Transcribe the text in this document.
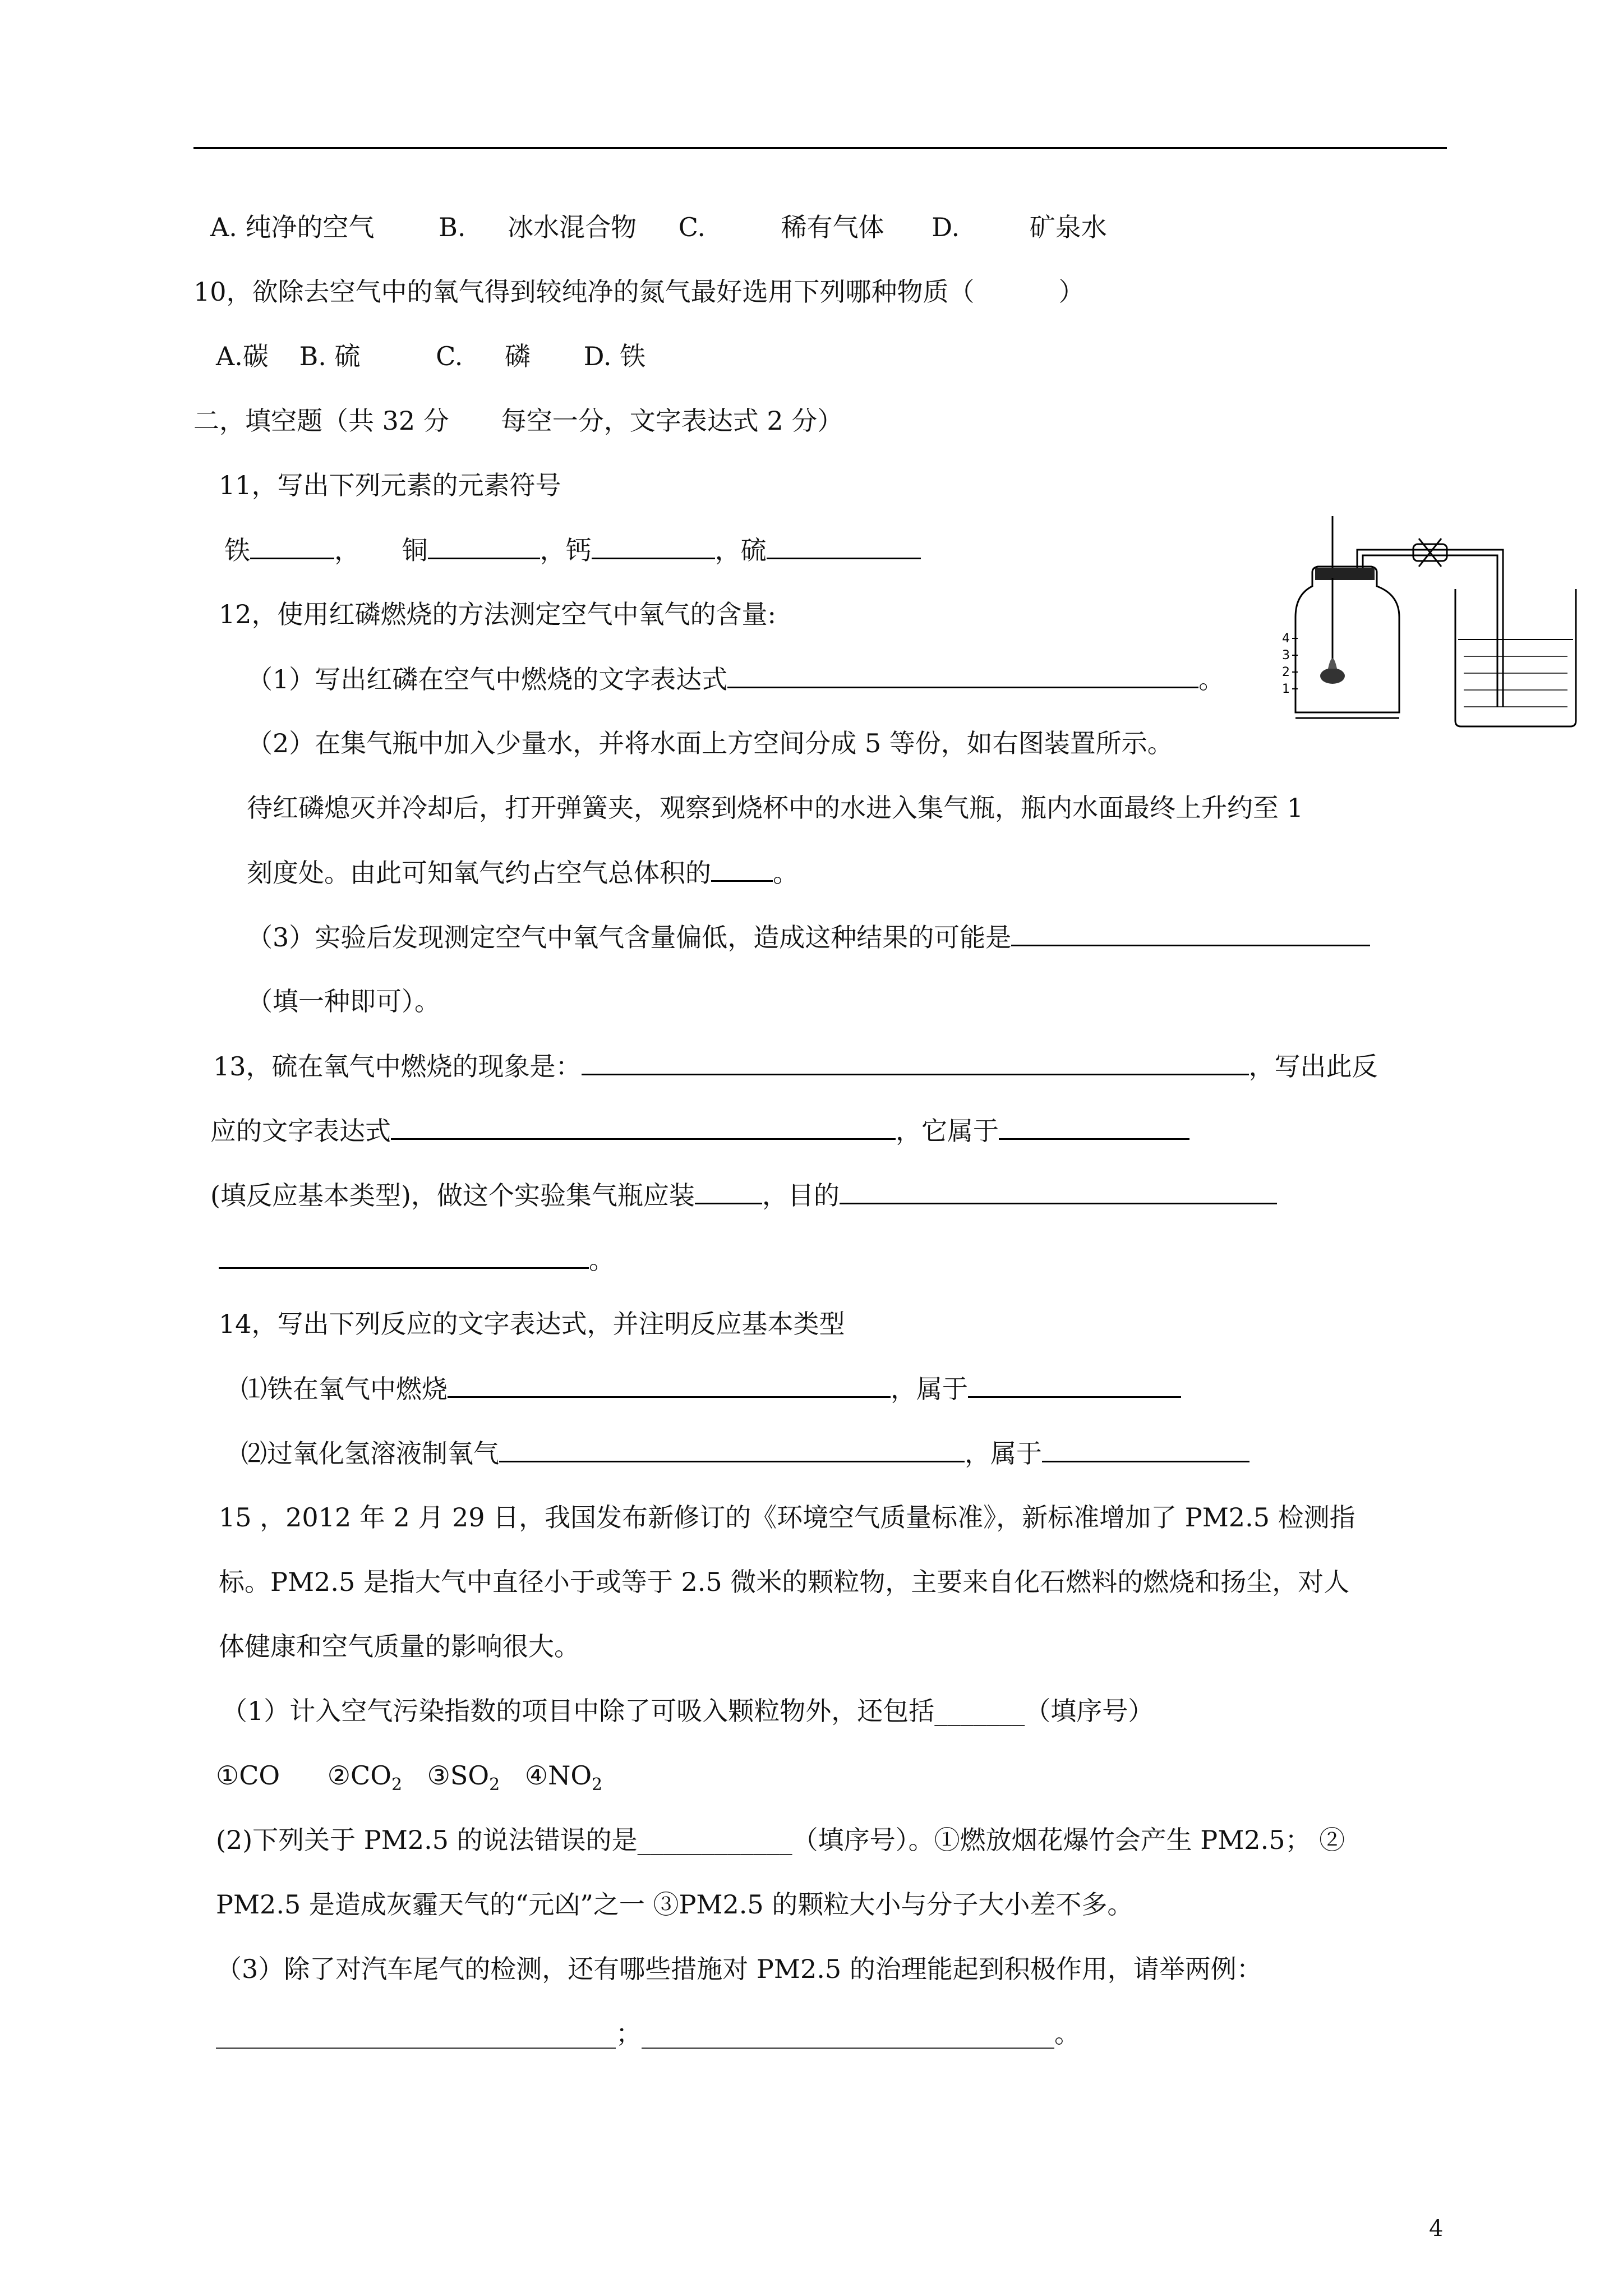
A. 纯净的空气 B. 冰水混合物 C.	稀有气体 D.	矿泉水
10，欲除去空气中的氧气得到较纯净的氮气最好选用下列哪种物质（	）
A.碳 B. 硫	C. 磷 D. 铁
二，填空题（共 32 分　　每空一分，文字表达式 2 分）
11，写出下列元素的元素符号
铁	， 铜	，钙	，硫
4
3
2
1
12，使用红磷燃烧的方法测定空气中氧气的含量:
（1）写出红磷在空气中燃烧的文字表达式	。
（2）在集气瓶中加入少量水，并将水面上方空间分成 5 等份，如右图装置所示。
待红磷熄灭并冷却后，打开弹簧夹，观察到烧杯中的水进入集气瓶，瓶内水面最终上升约至 1
刻度处。由此可知氧气约占空气总体积的 。
（3）实验后发现测定空气中氧气含量偏低，造成这种结果的可能是
（填一种即可）。
13，硫在氧气中燃烧的现象是：	，写出此反
应的文字表达式	，它属于
(填反应基本类型)，做这个实验集气瓶应装	，目的
。
14，写出下列反应的文字表达式，并注明反应基本类型
⑴铁在氧气中燃烧	，属于
⑵过氧化氢溶液制氧气	，属于
15 ，2012 年 2 月 29 日，我国发布新修订的《环境空气质量标准》，新标准增加了 PM2.5 检测指
标。PM2.5 是指大气中直径小于或等于 2.5 微米的颗粒物，主要来自化石燃料的燃烧和扬尘，对人
体健康和空气质量的影响很大。
（1）计入空气污染指数的项目中除了可吸入颗粒物外，还包括_______（填序号）
①CO $②CO_2$ $③SO_2$ $④NO_2$
(2)下列关于 PM2.5 的说法错误的是____________（填序号）。①燃放烟花爆竹会产生 PM2.5； ②
PM2.5 是造成灰霾天气的“元凶”之一 ③PM2.5 的颗粒大小与分子大小差不多。
（3）除了对汽车尾气的检测，还有哪些措施对 PM2.5 的治理能起到积极作用，请举两例：
_______________________________；________________________________。
4
